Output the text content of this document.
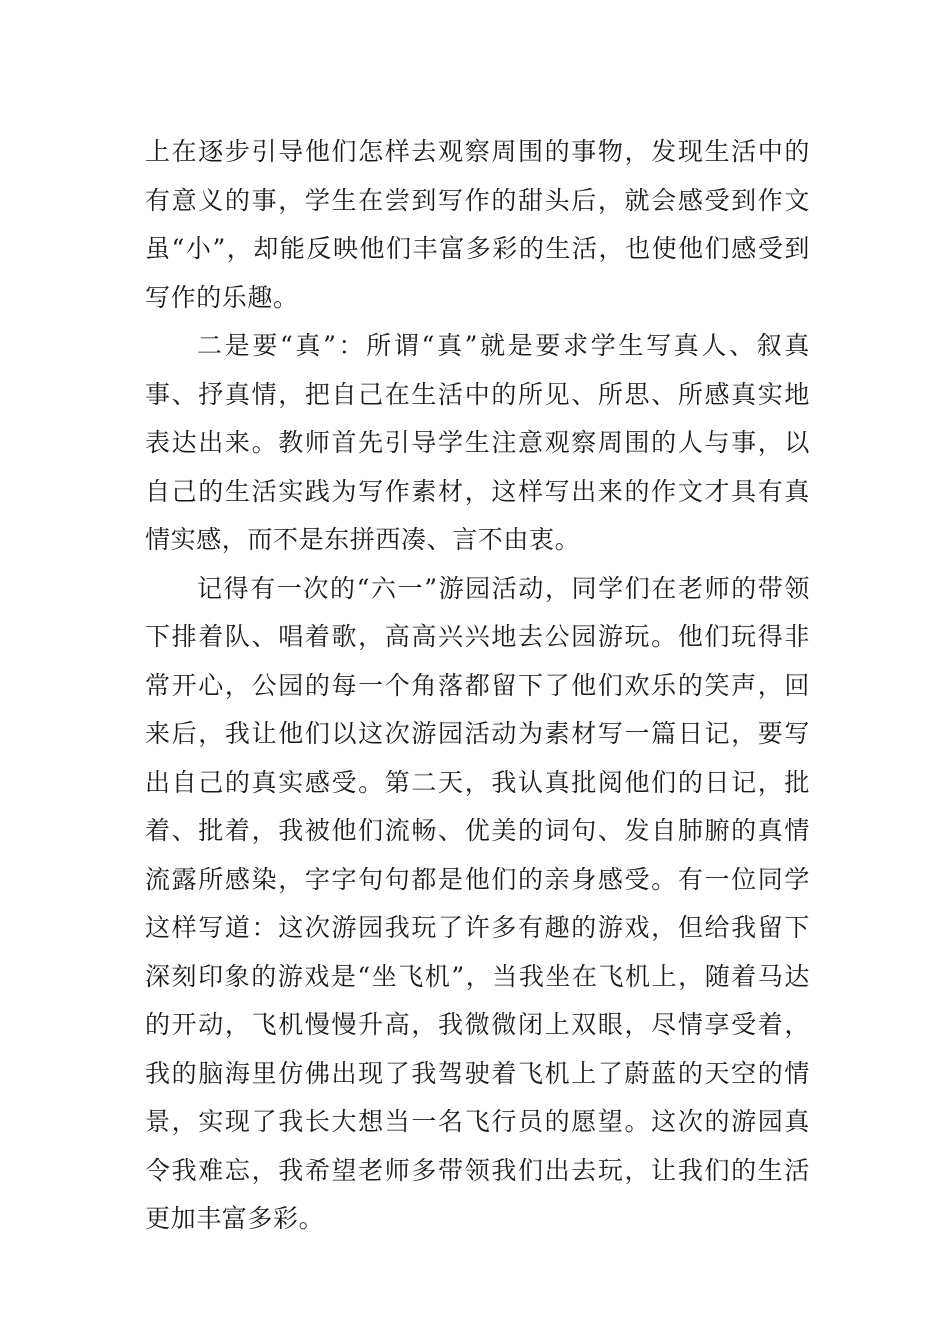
上在逐步引导他们怎样去观察周围的事物，发现生活中的有意义的事，学生在尝到写作的甜头后，就会感受到作文虽“小”，却能反映他们丰富多彩的生活，也使他们感受到写作的乐趣。

二是要“真”：所谓“真”就是要求学生写真人、叙真事、抒真情，把自己在生活中的所见、所思、所感真实地表达出来。教师首先引导学生注意观察周围的人与事，以自己的生活实践为写作素材，这样写出来的作文才具有真情实感，而不是东拼西凑、言不由衷。

记得有一次的“六一”游园活动，同学们在老师的带领下排着队、唱着歌，高高兴兴地去公园游玩。他们玩得非常开心，公园的每一个角落都留下了他们欢乐的笑声，回来后，我让他们以这次游园活动为素材写一篇日记，要写出自己的真实感受。第二天，我认真批阅他们的日记，批着、批着，我被他们流畅、优美的词句、发自肺腑的真情流露所感染，字字句句都是他们的亲身感受。有一位同学这样写道：这次游园我玩了许多有趣的游戏，但给我留下深刻印象的游戏是“坐飞机”，当我坐在飞机上，随着马达的开动，飞机慢慢升高，我微微闭上双眼，尽情享受着，我的脑海里仿佛出现了我驾驶着飞机上了蔚蓝的天空的情景，实现了我长大想当一名飞行员的愿望。这次的游园真令我难忘，我希望老师多带领我们出去玩，让我们的生活更加丰富多彩。
